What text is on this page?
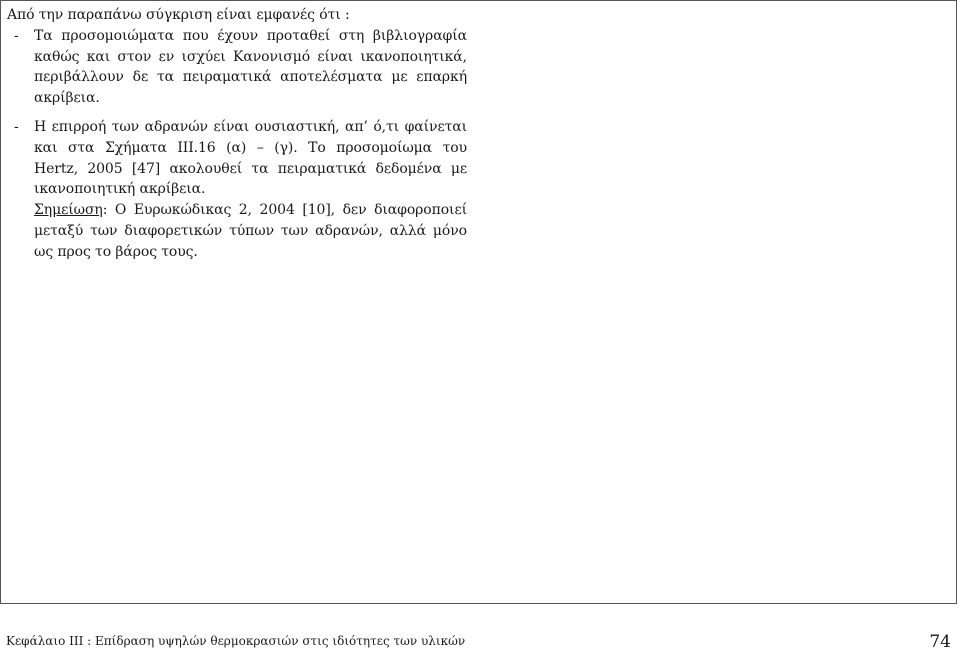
Από την παραπάνω σύγκριση είναι εμφανές ότι :
-	Τα προσομοιώματα που έχουν προταθεί στη βιβλιογραφία
καθώς και στον εν ισχύει Κανονισμό είναι ικανοποιητικά,
περιβάλλουν δε τα πειραματικά αποτελέσματα με επαρκή
ακρίβεια.
-	Η επιρροή των αδρανών είναι ουσιαστική, απ’ ό,τι φαίνεται
και στα Σχήματα ΙΙΙ.16 (α) – (γ). Το προσομοίωμα του
Hertz, 2005 [47] ακολουθεί τα πειραματικά δεδομένα με
ικανοποιητική ακρίβεια.
Σημείωση: Ο Ευρωκώδικας 2, 2004 [10], δεν διαφοροποιεί
μεταξύ των διαφορετικών τύπων των αδρανών, αλλά μόνο
ως προς το βάρος τους.
Κεφάλαιο ΙΙΙ : Επίδραση υψηλών θερμοκρασιών στις ιδιότητες των υλικών	74
